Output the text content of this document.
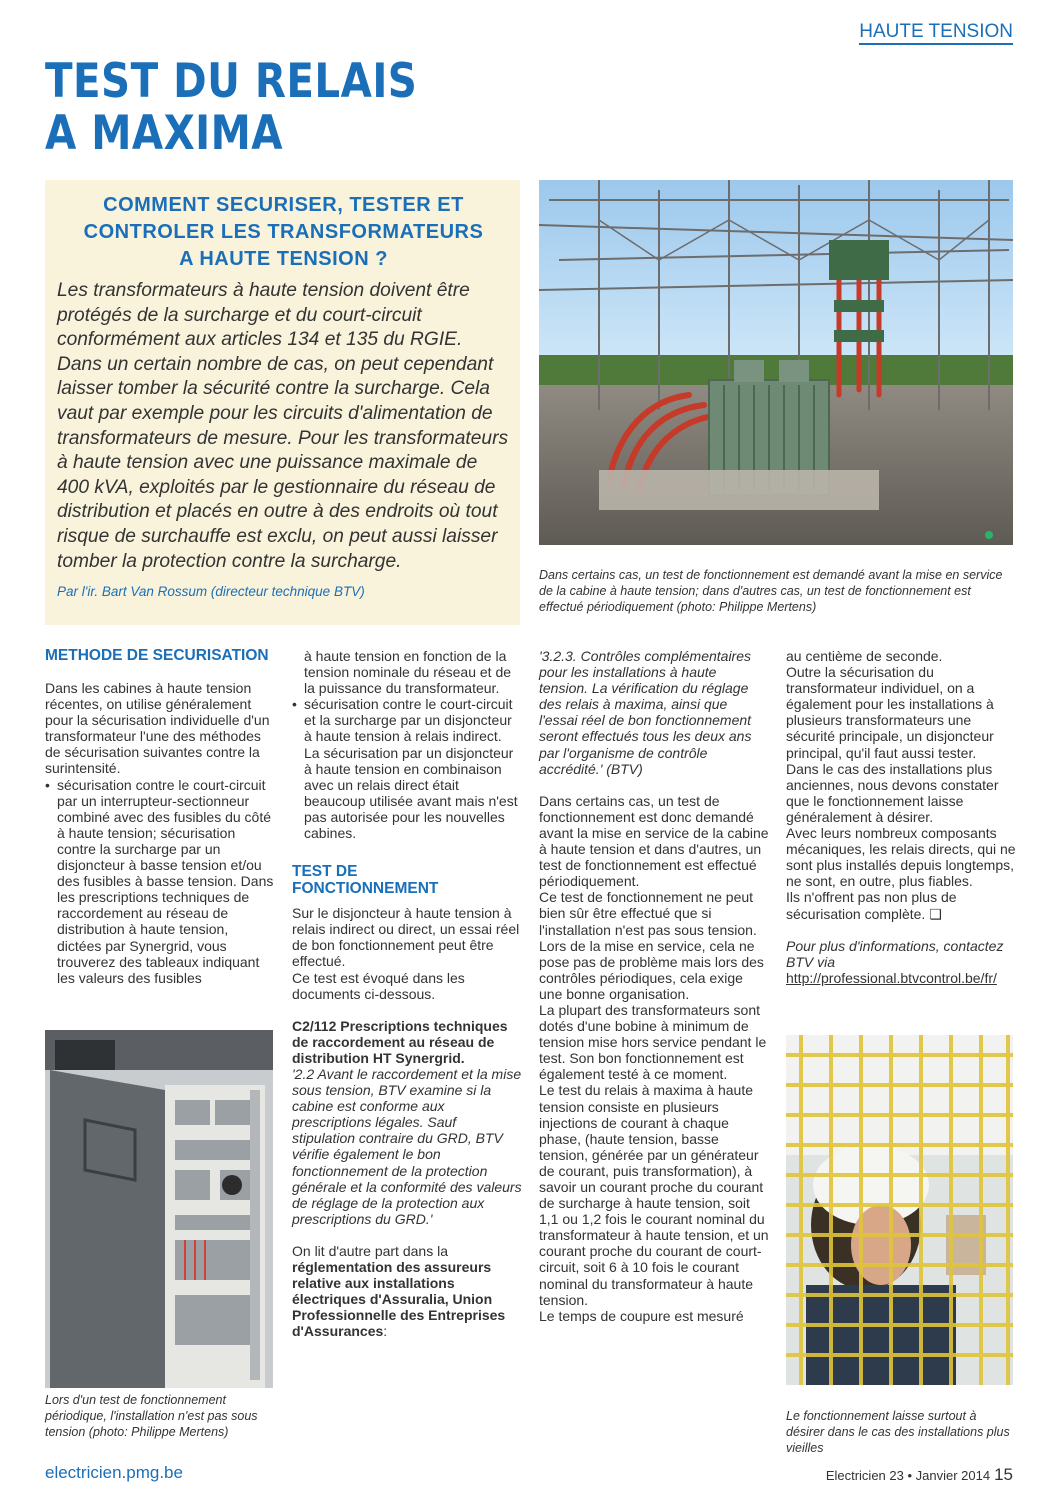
HAUTE TENSION
TEST DU RELAIS
A MAXIMA
COMMENT SECURISER, TESTER ET
CONTROLER LES TRANSFORMATEURS
A HAUTE TENSION ?

Les transformateurs à haute tension doivent être protégés de la surcharge et du court-circuit conformément aux articles 134 et 135 du RGIE. Dans un certain nombre de cas, on peut cependant laisser tomber la sécurité contre la surcharge. Cela vaut par exemple pour les circuits d'alimentation de transformateurs de mesure. Pour les transformateurs à haute tension avec une puissance maximale de 400 kVA, exploités par le gestionnaire du réseau de distribution et placés en outre à des endroits où tout risque de surchauffe est exclu, on peut aussi laisser tomber la protection contre la surcharge.

Par l'ir. Bart Van Rossum (directeur technique BTV)

Dans certains cas, un test de fonctionnement est demandé avant la mise en service de la cabine à haute tension; dans d'autres cas, un test de fonctionnement est effectué périodiquement (photo: Philippe Mertens)

METHODE DE SECURISATION

Dans les cabines à haute tension récentes, on utilise généralement pour la sécurisation individuelle d'un transformateur l'une des méthodes de sécurisation suivantes contre la surintensité.

• sécurisation contre le court-circuit par un interrupteur-sectionneur combiné avec des fusibles du côté à haute tension; sécurisation contre la surcharge par un disjoncteur à basse tension et/ou des fusibles à basse tension. Dans les prescriptions techniques de raccordement au réseau de distribution à haute tension, dictées par Synergrid, vous trouverez des tableaux indiquant les valeurs des fusibles

Lors d'un test de fonctionnement périodique, l'installation n'est pas sous tension (photo: Philippe Mertens)

à haute tension en fonction de la tension nominale du réseau et de la puissance du transformateur.

• sécurisation contre le court-circuit et la surcharge par un disjoncteur à haute tension à relais indirect.

La sécurisation par un disjoncteur à haute tension en combinaison avec un relais direct était beaucoup utilisée avant mais n'est pas autorisée pour les nouvelles cabines.

TEST DE FONCTIONNEMENT

Sur le disjoncteur à haute tension à relais indirect ou direct, un essai réel de bon fonctionnement peut être effectué.

Ce test est évoqué dans les documents ci-dessous.

C2/112 Prescriptions techniques de raccordement au réseau de distribution HT Synergrid.

'2.2 Avant le raccordement et la mise sous tension, BTV examine si la cabine est conforme aux prescriptions légales. Sauf stipulation contraire du GRD, BTV vérifie également le bon fonctionnement de la protection générale et la conformité des valeurs de réglage de la protection aux prescriptions du GRD.'

On lit d'autre part dans la réglementation des assureurs relative aux installations électriques d'Assuralia, Union Professionnelle des Entreprises d'Assurances:

'3.2.3. Contrôles complémentaires pour les installations à haute tension. La vérification du réglage des relais à maxima, ainsi que l'essai réel de bon fonctionnement seront effectués tous les deux ans par l'organisme de contrôle accrédité.' (BTV)

Dans certains cas, un test de fonctionnement est donc demandé avant la mise en service de la cabine à haute tension et dans d'autres, un test de fonctionnement est effectué périodiquement.

Ce test de fonctionnement ne peut bien sûr être effectué que si l'installation n'est pas sous tension. Lors de la mise en service, cela ne pose pas de problème mais lors des contrôles périodiques, cela exige une bonne organisation.

La plupart des transformateurs sont dotés d'une bobine à minimum de tension mise hors service pendant le test. Son bon fonctionnement est également testé à ce moment.

Le test du relais à maxima à haute tension consiste en plusieurs injections de courant à chaque phase, (haute tension, basse tension, générée par un générateur de courant, puis transformation), à savoir un courant proche du courant de surcharge à haute tension, soit 1,1 ou 1,2 fois le courant nominal du transformateur à haute tension, et un courant proche du courant de court-circuit, soit 6 à 10 fois le courant nominal du transformateur à haute tension.

Le temps de coupure est mesuré

au centième de seconde.

Outre la sécurisation du transformateur individuel, on a également pour les installations à plusieurs transformateurs une sécurité principale, un disjoncteur principal, qu'il faut aussi tester.

Dans le cas des installations plus anciennes, nous devons constater que le fonctionnement laisse généralement à désirer.

Avec leurs nombreux composants mécaniques, les relais directs, qui ne sont plus installés depuis longtemps, ne sont, en outre, plus fiables.

Ils n'offrent pas non plus de sécurisation complète. ❑

Pour plus d'informations, contactez BTV via

http://professional.btvcontrol.be/fr/

Le fonctionnement laisse surtout à désirer dans le cas des installations plus vieilles
electricien.pmg.be	Electricien 23 • Janvier 2014 15
